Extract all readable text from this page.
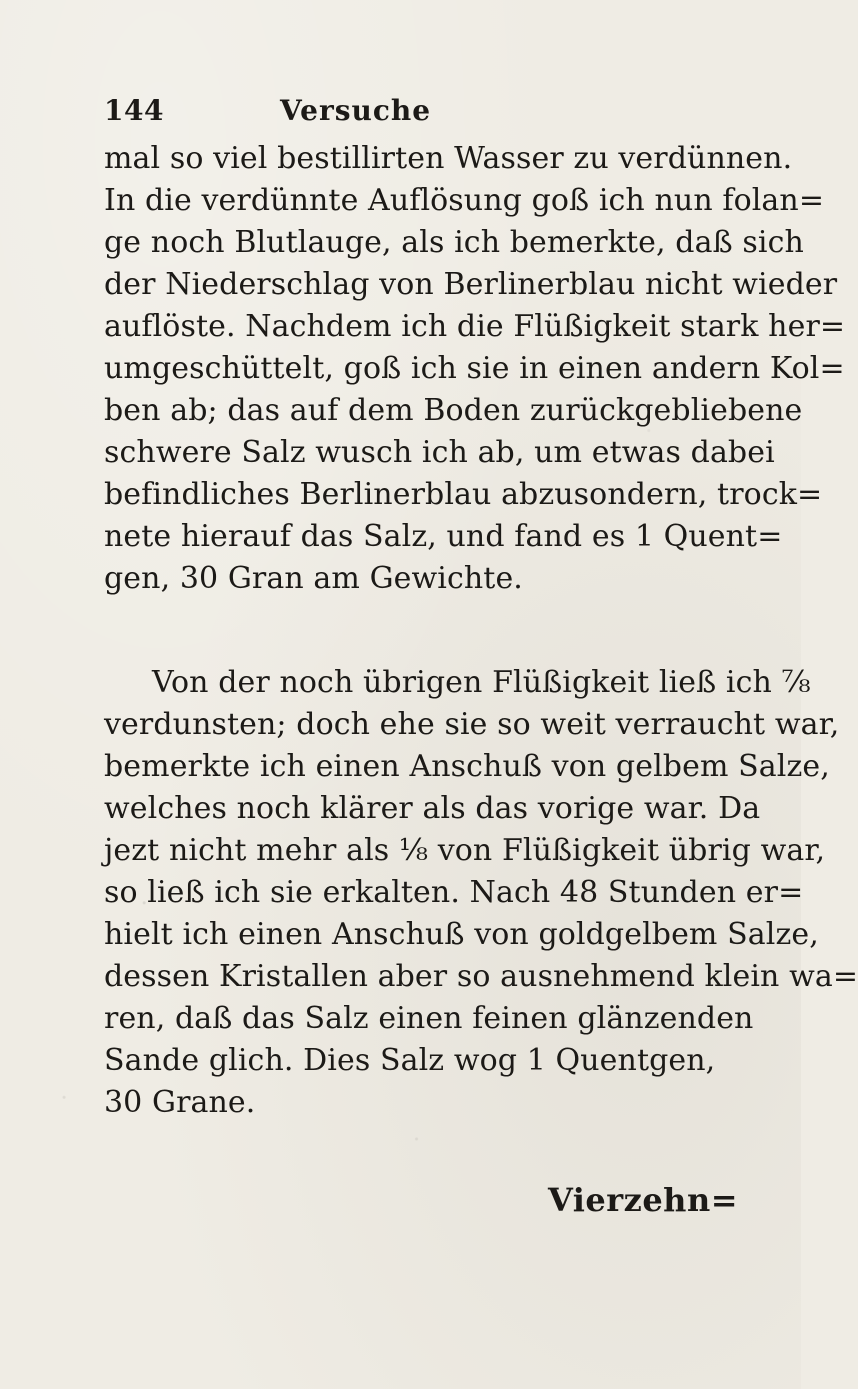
144	Versuche
mal so viel bestillirten Wasser zu verdünnen.
In die verdünnte Auflösung goß ich nun folan=
ge noch Blutlauge, als ich bemerkte, daß sich
der Niederschlag von Berlinerblau nicht wieder
auflöste. Nachdem ich die Flüßigkeit stark her=
umgeschüttelt, goß ich sie in einen andern Kol=
ben ab; das auf dem Boden zurückgebliebene
schwere Salz wusch ich ab, um etwas dabei
befindliches Berlinerblau abzusondern, trock=
nete hierauf das Salz, und fand es 1 Quent=
gen, 30 Gran am Gewichte.
Von der noch übrigen Flüßigkeit ließ ich ⅞
verdunsten; doch ehe sie so weit verraucht war,
bemerkte ich einen Anschuß von gelbem Salze,
welches noch klärer als das vorige war. Da
jezt nicht mehr als ⅛ von Flüßigkeit übrig war,
so ließ ich sie erkalten. Nach 48 Stunden er=
hielt ich einen Anschuß von goldgelbem Salze,
dessen Kristallen aber so ausnehmend klein wa=
ren, daß das Salz einen feinen glänzenden
Sande glich. Dies Salz wog 1 Quentgen,
30 Grane.
Vierzehn=
